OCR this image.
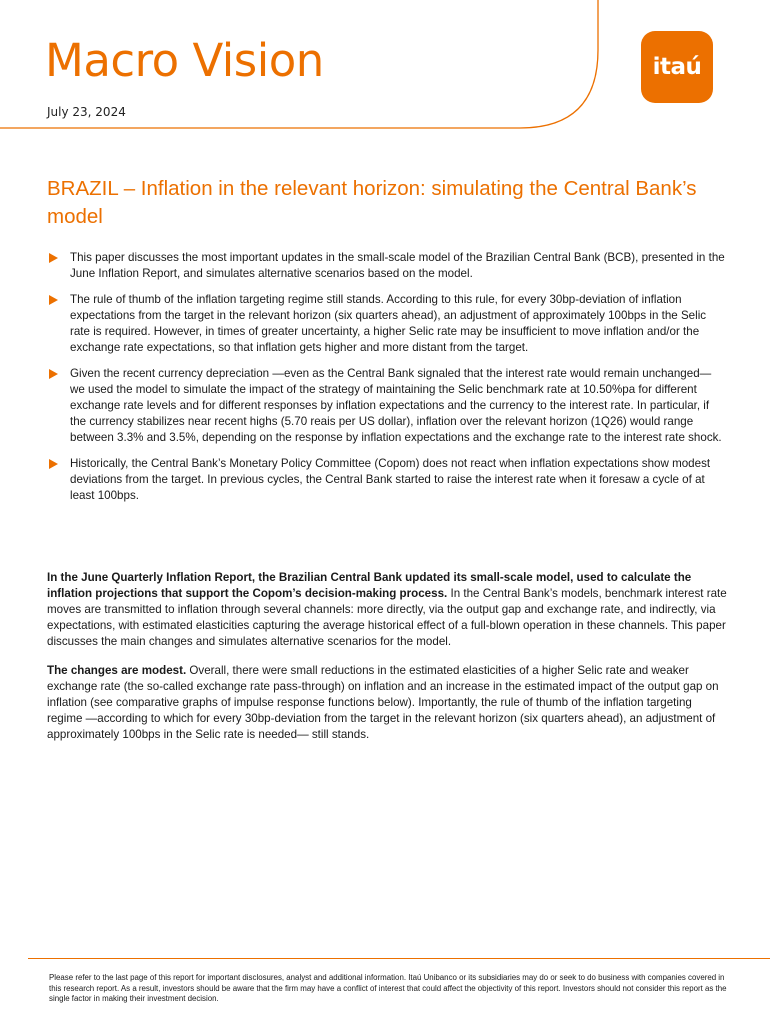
Macro Vision
July 23, 2024
itaú
BRAZIL – Inflation in the relevant horizon: simulating the Central Bank’s model
This paper discusses the most important updates in the small-scale model of the Brazilian Central Bank (BCB), presented in the June Inflation Report, and simulates alternative scenarios based on the model.
The rule of thumb of the inflation targeting regime still stands. According to this rule, for every 30bp-deviation of inflation expectations from the target in the relevant horizon (six quarters ahead), an adjustment of approximately 100bps in the Selic rate is required. However, in times of greater uncertainty, a higher Selic rate may be insufficient to move inflation and/or the exchange rate expectations, so that inflation gets higher and more distant from the target.
Given the recent currency depreciation —even as the Central Bank signaled that the interest rate would remain unchanged— we used the model to simulate the impact of the strategy of maintaining the Selic benchmark rate at 10.50%pa for different exchange rate levels and for different responses by inflation expectations and the currency to the interest rate. In particular, if the currency stabilizes near recent highs (5.70 reais per US dollar), inflation over the relevant horizon (1Q26) would range between 3.3% and 3.5%, depending on the response by inflation expectations and the exchange rate to the interest rate shock.
Historically, the Central Bank’s Monetary Policy Committee (Copom) does not react when inflation expectations show modest deviations from the target. In previous cycles, the Central Bank started to raise the interest rate when it foresaw a cycle of at least 100bps.

In the June Quarterly Inflation Report, the Brazilian Central Bank updated its small-scale model, used to calculate the inflation projections that support the Copom’s decision-making process. In the Central Bank’s models, benchmark interest rate moves are transmitted to inflation through several channels: more directly, via the output gap and exchange rate, and indirectly, via expectations, with estimated elasticities capturing the average historical effect of a full-blown operation in these channels. This paper discusses the main changes and simulates alternative scenarios for the model.

The changes are modest. Overall, there were small reductions in the estimated elasticities of a higher Selic rate and weaker exchange rate (the so-called exchange rate pass-through) on inflation and an increase in the estimated impact of the output gap on inflation (see comparative graphs of impulse response functions below). Importantly, the rule of thumb of the inflation targeting regime —according to which for every 30bp-deviation from the target in the relevant horizon (six quarters ahead), an adjustment of approximately 100bps in the Selic rate is needed— still stands.

Please refer to the last page of this report for important disclosures, analyst and additional information. Itaú Unibanco or its subsidiaries may do or seek to do business with companies covered in this research report. As a result, investors should be aware that the firm may have a conflict of interest that could affect the objectivity of this report. Investors should not consider this report as the single factor in making their investment decision.
